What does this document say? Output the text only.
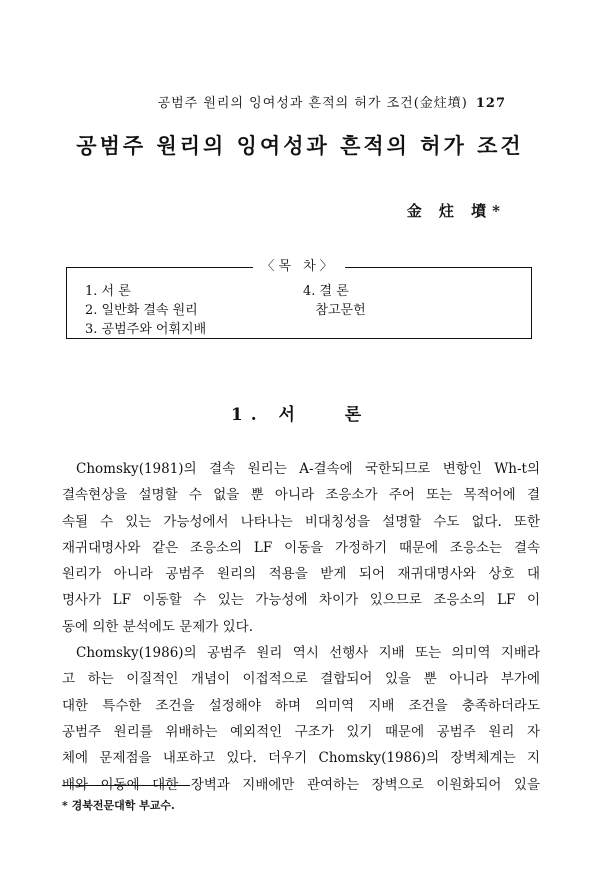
공범주 원리의 잉여성과 흔적의 허가 조건(金炷墳) 127
공범주 원리의 잉여성과 흔적의 허가 조건
金 炷 墳*
〈목 차〉
1. 서 론
2. 일반화 결속 원리
3. 공범주와 어휘지배
4. 결 론
참고문헌
1. 서   론
Chomsky(1981)의 결속 원리는 A-결속에 국한되므로 변항인 Wh-t의
결속현상을 설명할 수 없을 뿐 아니라 조응소가 주어 또는 목적어에 결
속될 수 있는 가능성에서 나타나는 비대칭성을 설명할 수도 없다. 또한
재귀대명사와 같은 조응소의 LF 이동을 가정하기 때문에 조응소는 결속
원리가 아니라 공범주 원리의 적용을 받게 되어 재귀대명사와 상호 대
명사가 LF 이동할 수 있는 가능성에 차이가 있으므로 조응소의 LF 이
동에 의한 분석에도 문제가 있다.
Chomsky(1986)의 공범주 원리 역시 선행사 지배 또는 의미역 지배라
고 하는 이질적인 개념이 이접적으로 결합되어 있을 뿐 아니라 부가에
대한 특수한 조건을 설정해야 하며 의미역 지배 조건을 충족하더라도
공범주 원리를 위배하는 예외적인 구조가 있기 때문에 공범주 원리 자
체에 문제점을 내포하고 있다. 더우기 Chomsky(1986)의 장벽체계는 지
배와 이동에 대한 장벽과 지배에만 관여하는 장벽으로 이원화되어 있을
* 경북전문대학 부교수.
